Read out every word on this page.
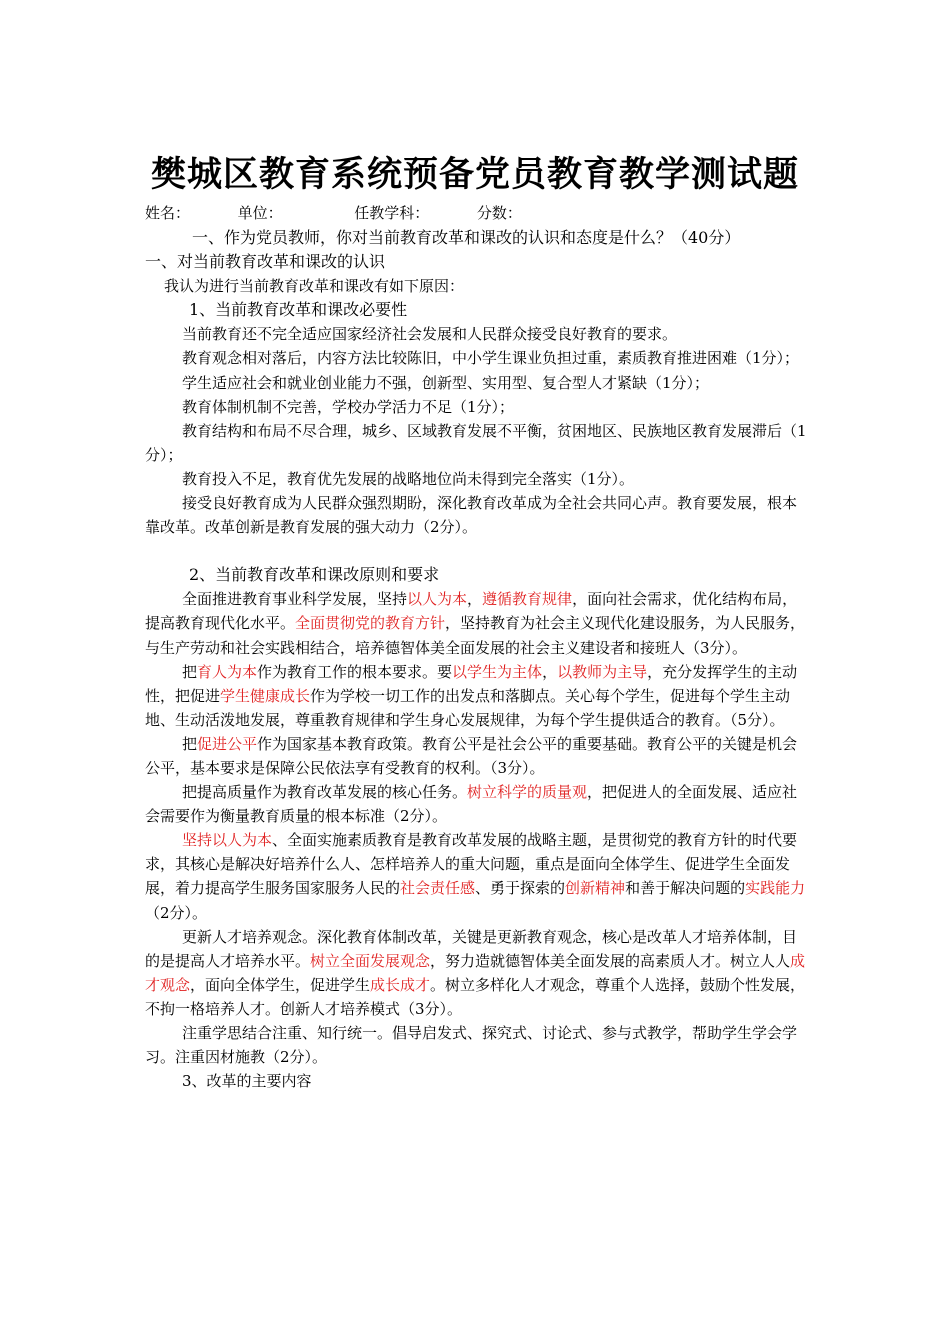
樊城区教育系统预备党员教育教学测试题
姓名：          单位：               任教学科：          分数：

一、作为党员教师，你对当前教育改革和课改的认识和态度是什么？（40分）

一、对当前教育改革和课改的认识

我认为进行当前教育改革和课改有如下原因：

1、当前教育改革和课改必要性

当前教育还不完全适应国家经济社会发展和人民群众接受良好教育的要求。

教育观念相对落后，内容方法比较陈旧，中小学生课业负担过重，素质教育推进困难（1分）；

学生适应社会和就业创业能力不强，创新型、实用型、复合型人才紧缺（1分）；

教育体制机制不完善，学校办学活力不足（1分）；

教育结构和布局不尽合理，城乡、区域教育发展不平衡，贫困地区、民族地区教育发展滞后（1分）；

教育投入不足，教育优先发展的战略地位尚未得到完全落实（1分）。

接受良好教育成为人民群众强烈期盼，深化教育改革成为全社会共同心声。教育要发展，根本靠改革。改革创新是教育发展的强大动力（2分）。

2、当前教育改革和课改原则和要求

全面推进教育事业科学发展，坚持以人为本，遵循教育规律，面向社会需求，优化结构布局，提高教育现代化水平。全面贯彻党的教育方针，坚持教育为社会主义现代化建设服务，为人民服务，与生产劳动和社会实践相结合，培养德智体美全面发展的社会主义建设者和接班人（3分）。

把育人为本作为教育工作的根本要求。要以学生为主体，以教师为主导，充分发挥学生的主动性，把促进学生健康成长作为学校一切工作的出发点和落脚点。关心每个学生，促进每个学生主动地、生动活泼地发展，尊重教育规律和学生身心发展规律，为每个学生提供适合的教育。（5分）。

把促进公平作为国家基本教育政策。教育公平是社会公平的重要基础。教育公平的关键是机会公平，基本要求是保障公民依法享有受教育的权利。（3分）。

把提高质量作为教育改革发展的核心任务。树立科学的质量观，把促进人的全面发展、适应社会需要作为衡量教育质量的根本标准（2分）。

坚持以人为本、全面实施素质教育是教育改革发展的战略主题，是贯彻党的教育方针的时代要求，其核心是解决好培养什么人、怎样培养人的重大问题，重点是面向全体学生、促进学生全面发展，着力提高学生服务国家服务人民的社会责任感、勇于探索的创新精神和善于解决问题的实践能力（2分）。

更新人才培养观念。深化教育体制改革，关键是更新教育观念，核心是改革人才培养体制，目的是提高人才培养水平。树立全面发展观念，努力造就德智体美全面发展的高素质人才。树立人人成才观念，面向全体学生，促进学生成长成才。树立多样化人才观念，尊重个人选择，鼓励个性发展，不拘一格培养人才。创新人才培养模式（3分）。

注重学思结合注重、知行统一。倡导启发式、探究式、讨论式、参与式教学，帮助学生学会学习。注重因材施教（2分）。

3、改革的主要内容
